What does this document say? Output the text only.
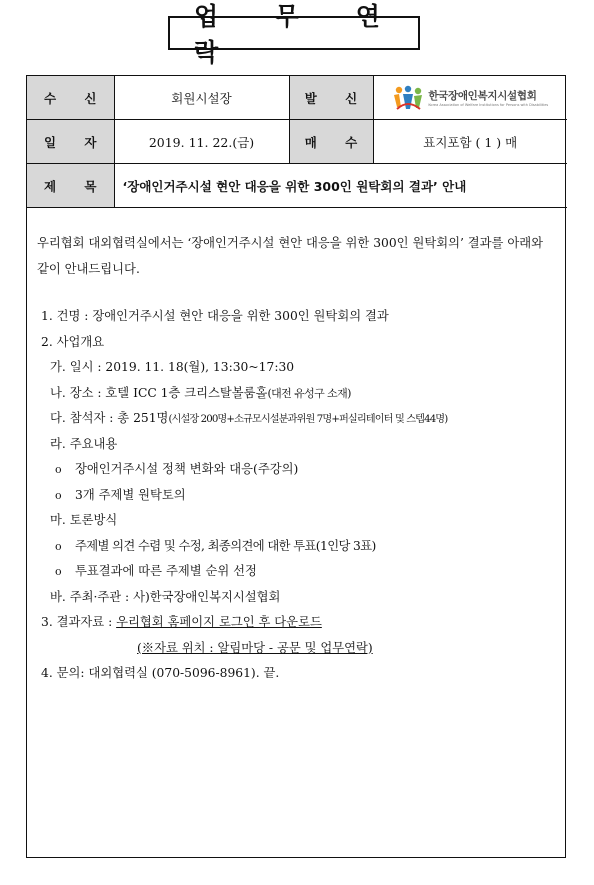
업 무 연 락
수 신	회원시설장	발 신	한국장애인복지시설협회
Korea Association of Welfare Institutions for Persons with Disabilities

일 자	2019. 11. 22.(금)	매 수	표지포함 ( 1 ) 매
제 목	‘장애인거주시설 현안 대응을 위한 300인 원탁회의 결과’ 안내		
우리협회 대외협력실에서는 ‘장애인거주시설 현안 대응을 위한 300인 원탁회의’ 결과를 아래와 같이 안내드립니다.
1. 건명 : 장애인거주시설 현안 대응을 위한 300인 원탁회의 결과
2. 사업개요
가. 일시 : 2019. 11. 18(월), 13:30~17:30
나. 장소 : 호텔 ICC 1층 크리스탈볼룸홀(대전 유성구 소재)
다. 참석자 : 총 251명(시설장 200명+소규모시설분과위원 7명+퍼실리테이터 및 스텝44명)
라. 주요내용
o 장애인거주시설 정책 변화와 대응(주강의)
o 3개 주제별 원탁토의
마. 토론방식
o 주제별 의견 수렴 및 수정, 최종의견에 대한 투표(1인당 3표)
o 투표결과에 따른 주제별 순위 선정
바. 주최·주관 : 사)한국장애인복지시설협회
3. 결과자료 : 우리협회 홈페이지 로그인 후 다운로드
(※자료 위치 : 알림마당 - 공문 및 업무연락)
4. 문의: 대외협력실 (070-5096-8961). 끝.
